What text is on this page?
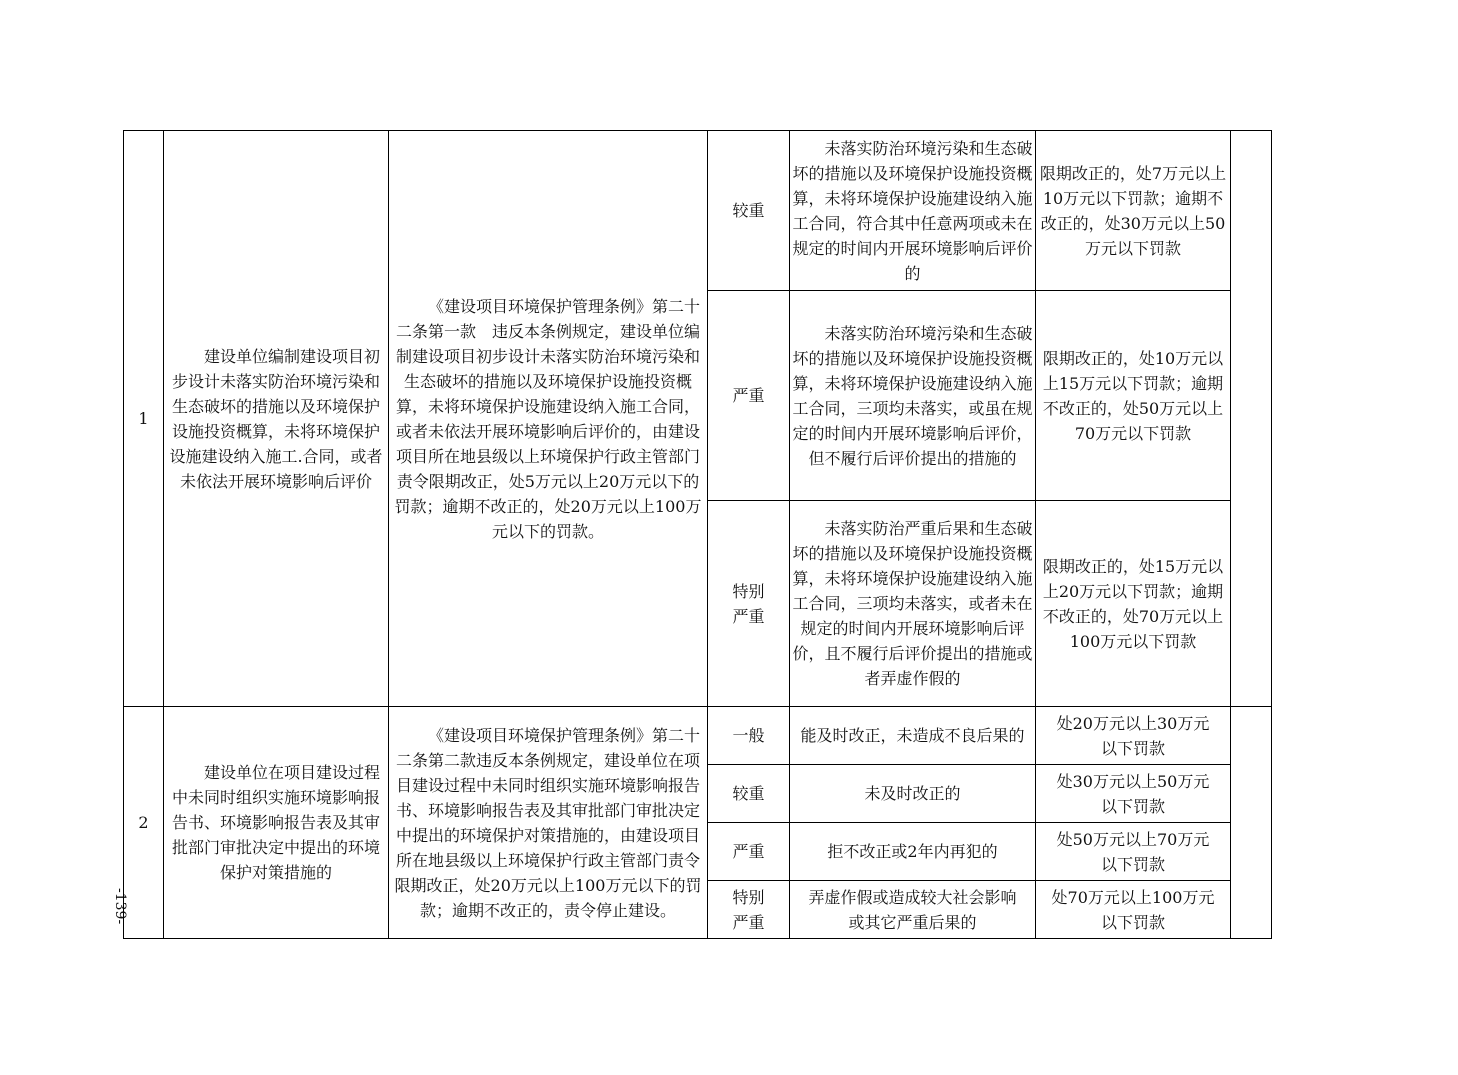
-139-
1	建设单位编制建设项目初步设计未落实防治环境污染和生态破坏的措施以及环境保护设施投资概算，未将环境保护设施建设纳入施工.合同，或者未依法开展环境影响后评价	《建设项目环境保护管理条例》第二十二条第一款　违反本条例规定，建设单位编制建设项目初步设计未落实防治环境污染和生态破坏的措施以及环境保护设施投资概算，未将环境保护设施建设纳入施工合同，或者未依法开展环境影响后评价的，由建设项目所在地县级以上环境保护行政主管部门责令限期改正，处5万元以上20万元以下的罚款；逾期不改正的，处20万元以上100万元以下的罚款。	较重	未落实防治环境污染和生态破坏的措施以及环境保护设施投资概算，未将环境保护设施建设纳入施工合同，符合其中任意两项或未在规定的时间内开展环境影响后评价的	限期改正的，处7万元以上10万元以下罚款；逾期不改正的，处30万元以上50万元以下罚款	
			严重	未落实防治环境污染和生态破坏的措施以及环境保护设施投资概算，未将环境保护设施建设纳入施工合同，三项均未落实，或虽在规定的时间内开展环境影响后评价，但不履行后评价提出的措施的	限期改正的，处10万元以上15万元以下罚款；逾期不改正的，处50万元以上70万元以下罚款	
			特别严重	未落实防治严重后果和生态破坏的措施以及环境保护设施投资概算，未将环境保护设施建设纳入施工合同，三项均未落实，或者未在规定的时间内开展环境影响后评价，且不履行后评价提出的措施或者弄虚作假的	限期改正的，处15万元以上20万元以下罚款；逾期不改正的，处70万元以上100万元以下罚款	
2	建设单位在项目建设过程中未同时组织实施环境影响报告书、环境影响报告表及其审批部门审批决定中提出的环境保护对策措施的	《建设项目环境保护管理条例》第二十二条第二款违反本条例规定，建设单位在项目建设过程中未同时组织实施环境影响报告书、环境影响报告表及其审批部门审批决定中提出的环境保护对策措施的，由建设项目所在地县级以上环境保护行政主管部门责令限期改正，处20万元以上100万元以下的罚款；逾期不改正的，责令停止建设。	一般	能及时改正，未造成不良后果的	处20万元以上30万元以下罚款	
			较重	未及时改正的	处30万元以上50万元以下罚款	
			严重	拒不改正或2年内再犯的	处50万元以上70万元以下罚款	
			特别严重	弄虚作假或造成较大社会影响或其它严重后果的	处70万元以上100万元以下罚款	
